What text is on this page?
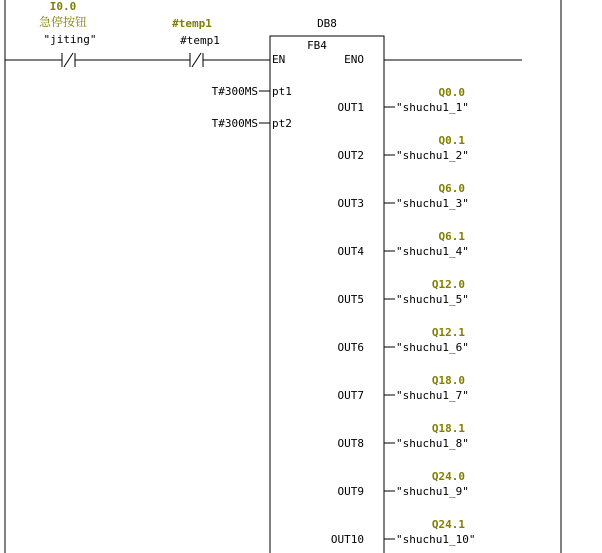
I0.0
急停按钮
"jiting"
#temp1
#temp1
DB8
FB4
EN	ENO
T#300MS pt1
T#300MS pt2
Q0.0
OUT1	"shuchu1_1"
Q0.1
OUT2	"shuchu1_2"
Q6.0
OUT3	"shuchu1_3"
Q6.1
OUT4	"shuchu1_4"
Q12.0
OUT5	"shuchu1_5"
Q12.1
OUT6	"shuchu1_6"
Q18.0
OUT7	"shuchu1_7"
Q18.1
OUT8	"shuchu1_8"
Q24.0
OUT9	"shuchu1_9"
Q24.1
OUT10	"shuchu1_10"
